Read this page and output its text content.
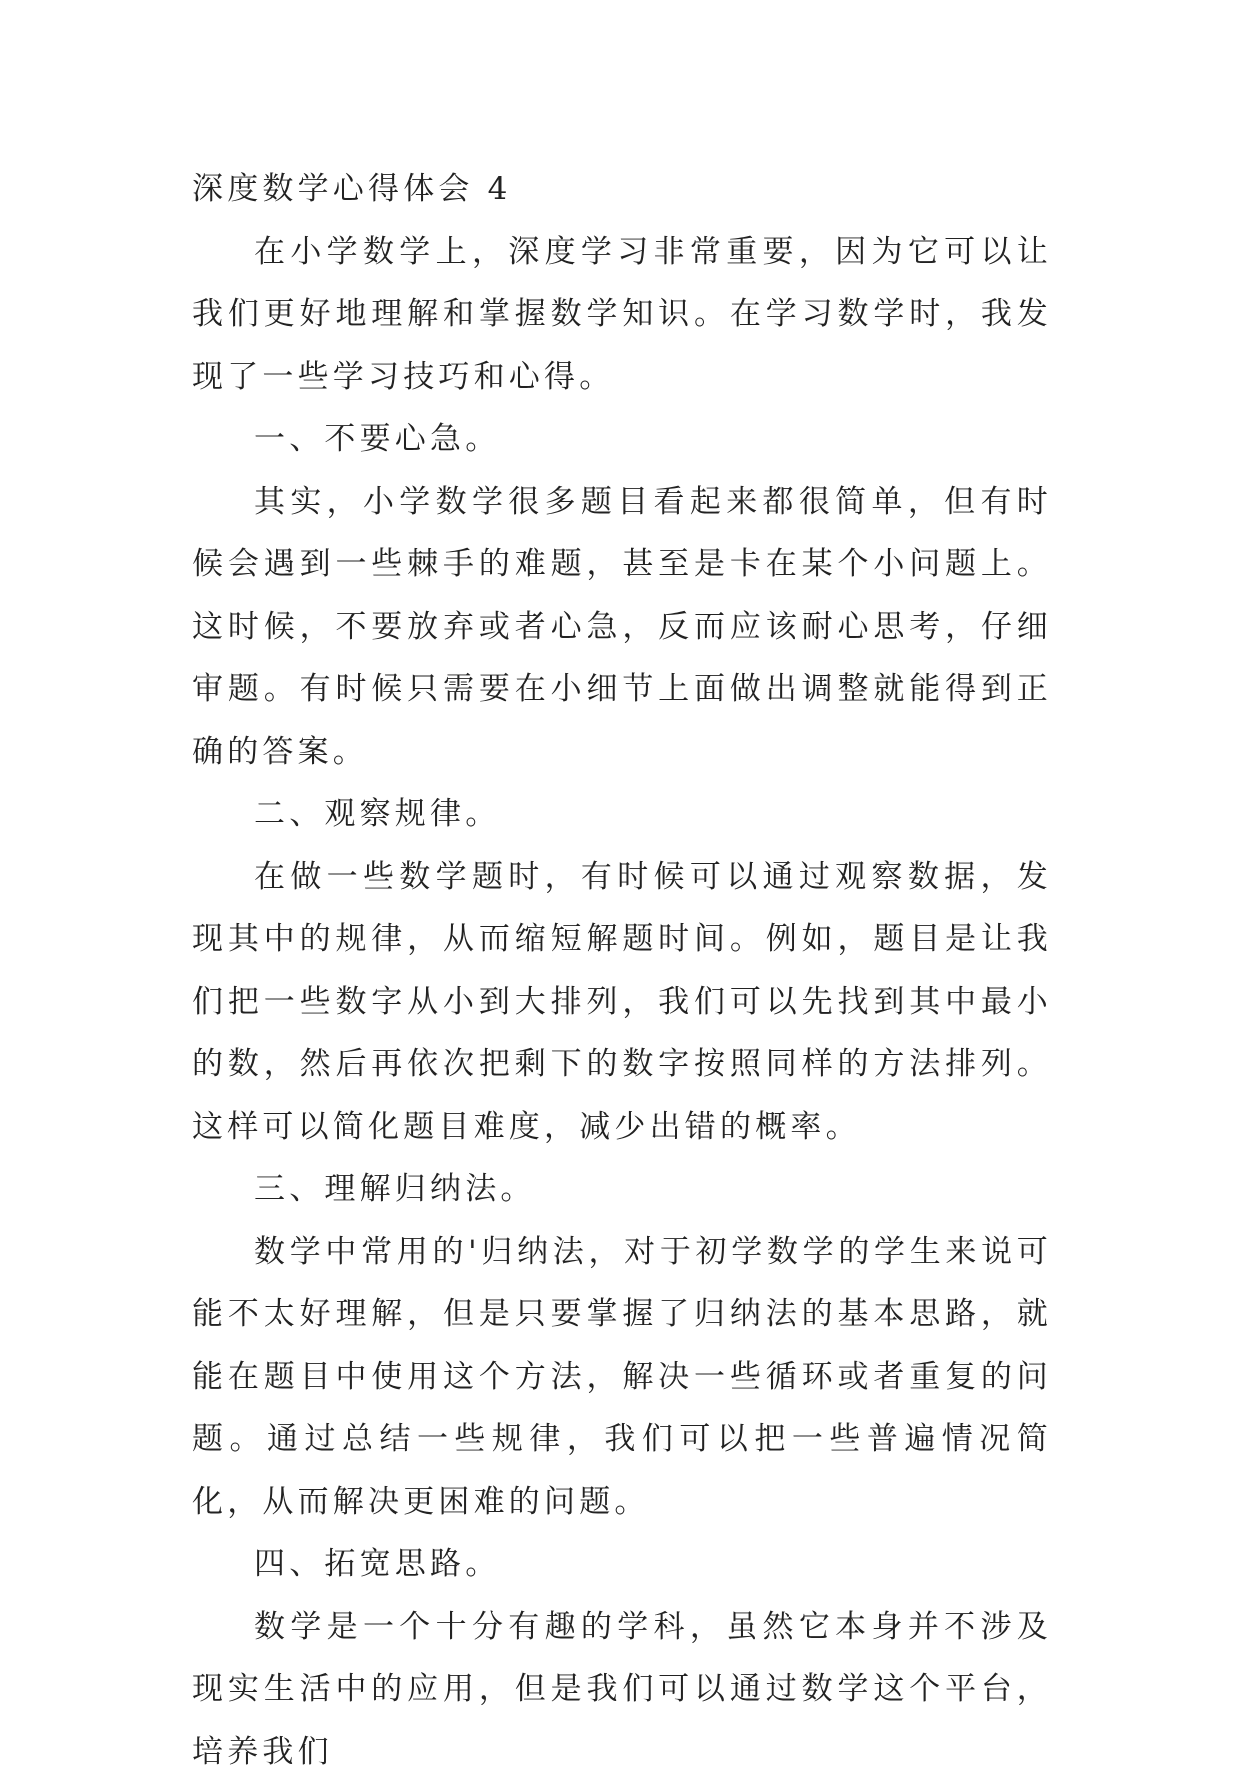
深度数学心得体会 4

在小学数学上，深度学习非常重要，因为它可以让我们更好地理解和掌握数学知识。在学习数学时，我发现了一些学习技巧和心得。

一、不要心急。

其实，小学数学很多题目看起来都很简单，但有时候会遇到一些棘手的难题，甚至是卡在某个小问题上。这时候，不要放弃或者心急，反而应该耐心思考，仔细审题。有时候只需要在小细节上面做出调整就能得到正确的答案。

二、观察规律。

在做一些数学题时，有时候可以通过观察数据，发现其中的规律，从而缩短解题时间。例如，题目是让我们把一些数字从小到大排列，我们可以先找到其中最小的数，然后再依次把剩下的数字按照同样的方法排列。这样可以简化题目难度，减少出错的概率。

三、理解归纳法。

数学中常用的'归纳法，对于初学数学的学生来说可能不太好理解，但是只要掌握了归纳法的基本思路，就能在题目中使用这个方法，解决一些循环或者重复的问题。通过总结一些规律，我们可以把一些普遍情况简化，从而解决更困难的问题。

四、拓宽思路。

数学是一个十分有趣的学科，虽然它本身并不涉及现实生活中的应用，但是我们可以通过数学这个平台，培养我们
